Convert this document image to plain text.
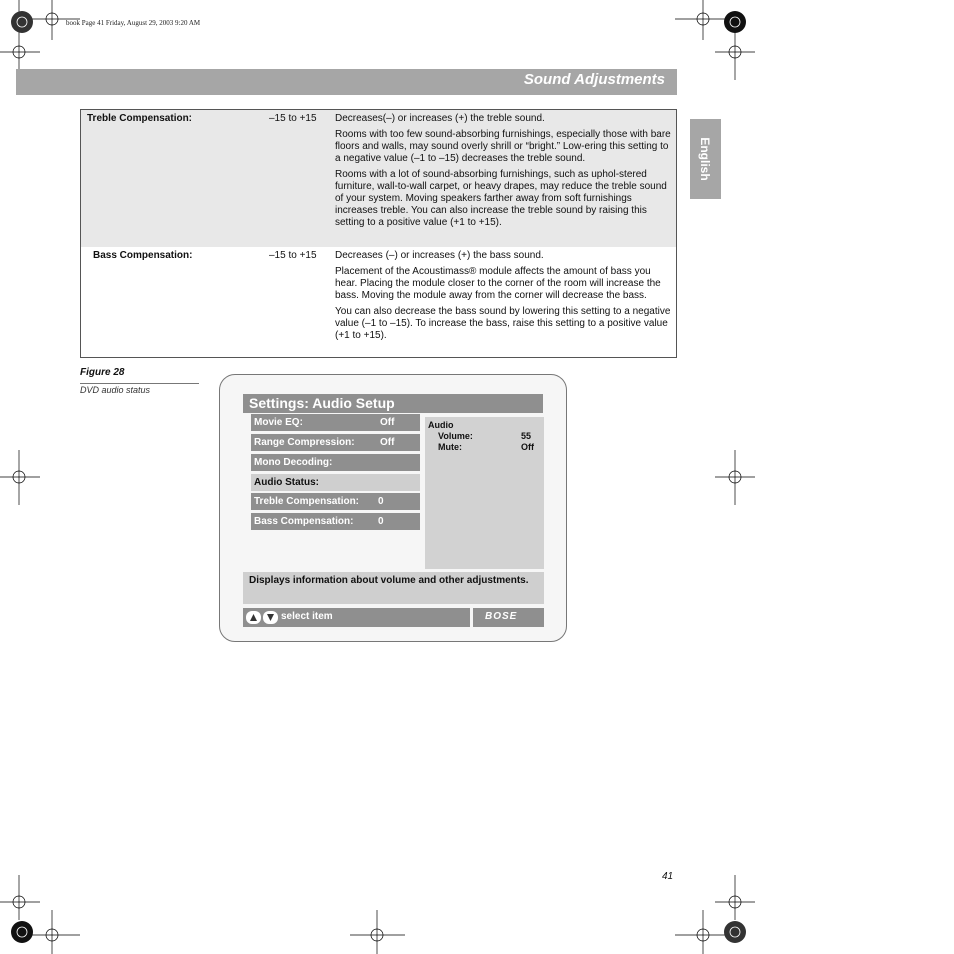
book Page 41 Friday, August 29, 2003 9:20 AM
Sound Adjustments
English
Treble Compensation:	–15 to +15 Decreases(–) or increases (+) the treble sound.

Rooms with too few sound-absorbing furnishings, especially those with bare floors and walls, may sound overly shrill or “bright.” Low-ering this setting to a negative value (–1 to –15) decreases the treble sound.

Rooms with a lot of sound-absorbing furnishings, such as uphol-stered furniture, wall-to-wall carpet, or heavy drapes, may reduce the treble sound of your system. Moving speakers farther away from soft furnishings increases treble. You can also increase the treble sound by raising this setting to a positive value (+1 to +15).

Bass Compensation:	–15 to +15 Decreases (–) or increases (+) the bass sound.

Placement of the Acoustimass® module affects the amount of bass you hear. Placing the module closer to the corner of the room will increase the bass. Moving the module away from the corner will decrease the bass.

You can also decrease the bass sound by lowering this setting to a negative value (–1 to –15). To increase the bass, raise this setting to a positive value (+1 to +15).

Figure 28
DVD audio status
Settings: Audio Setup
Movie EQ:	Off
Range Compression:	Off
Mono Decoding:
Audio Status:
Treble Compensation: 0
Bass Compensation: 0
Audio
Volume:	55
Mute:	Off
Displays information about volume and other adjustments.
select item	BOSE
41
